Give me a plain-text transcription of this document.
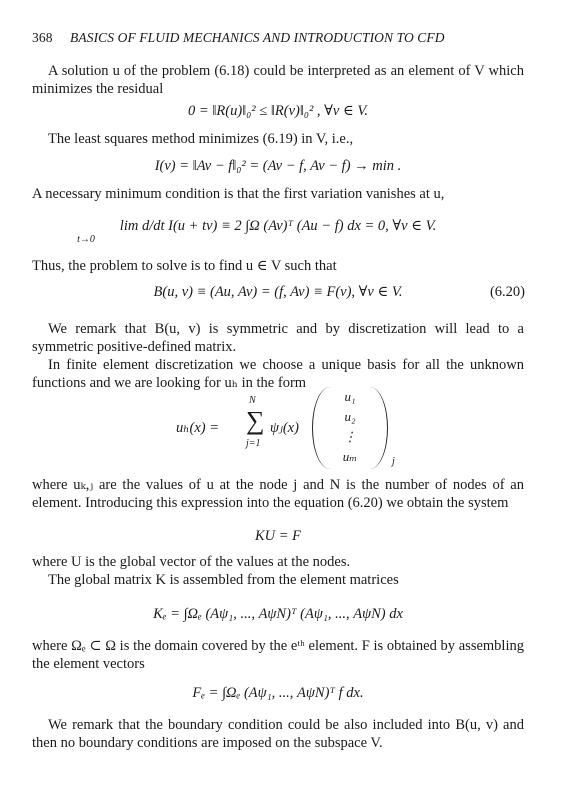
368 BASICS OF FLUID MECHANICS AND INTRODUCTION TO CFD
A solution u of the problem (6.18) could be interpreted as an element of V which minimizes the residual
0 = ‖R(u)‖₀² ≤ ‖R(v)‖₀² , ∀v ∈ V.
The least squares method minimizes (6.19) in V, i.e.,
I(v) = ‖Av − f‖₀² = (Av − f, Av − f) → min .
A necessary minimum condition is that the first variation vanishes at u,
lim d/dt I(u + tv) ≡ 2 ∫Ω (Av)ᵀ (Au − f) dx = 0, ∀v ∈ V.
t→0
Thus, the problem to solve is to find u ∈ V such that
B(u, v) ≡ (Au, Av) = (f, Av) ≡ F(v), ∀v ∈ V.	(6.20)
We remark that B(u, v) is symmetric and by discretization will lead to a symmetric positive-defined matrix.
In finite element discretization we choose a unique basis for all the unknown functions and we are looking for uₕ in the form
uₕ(x) =
N
∑
j=1
ψⱼ(x)
u₁
u₂
⋮
uₘ	j
where uₖ,ⱼ are the values of u at the node j and N is the number of nodes of an element. Introducing this expression into the equation (6.20) we obtain the system
KU = F
where U is the global vector of the values at the nodes.
The global matrix K is assembled from the element matrices
Kₑ = ∫Ωₑ (Aψ₁, ..., AψN)ᵀ (Aψ₁, ..., AψN) dx
where Ωₑ ⊂ Ω is the domain covered by the eᵗʰ element. F is obtained by assembling the element vectors
Fₑ = ∫Ωₑ (Aψ₁, ..., AψN)ᵀ f dx.
We remark that the boundary condition could be also included into B(u, v) and then no boundary conditions are imposed on the subspace V.
